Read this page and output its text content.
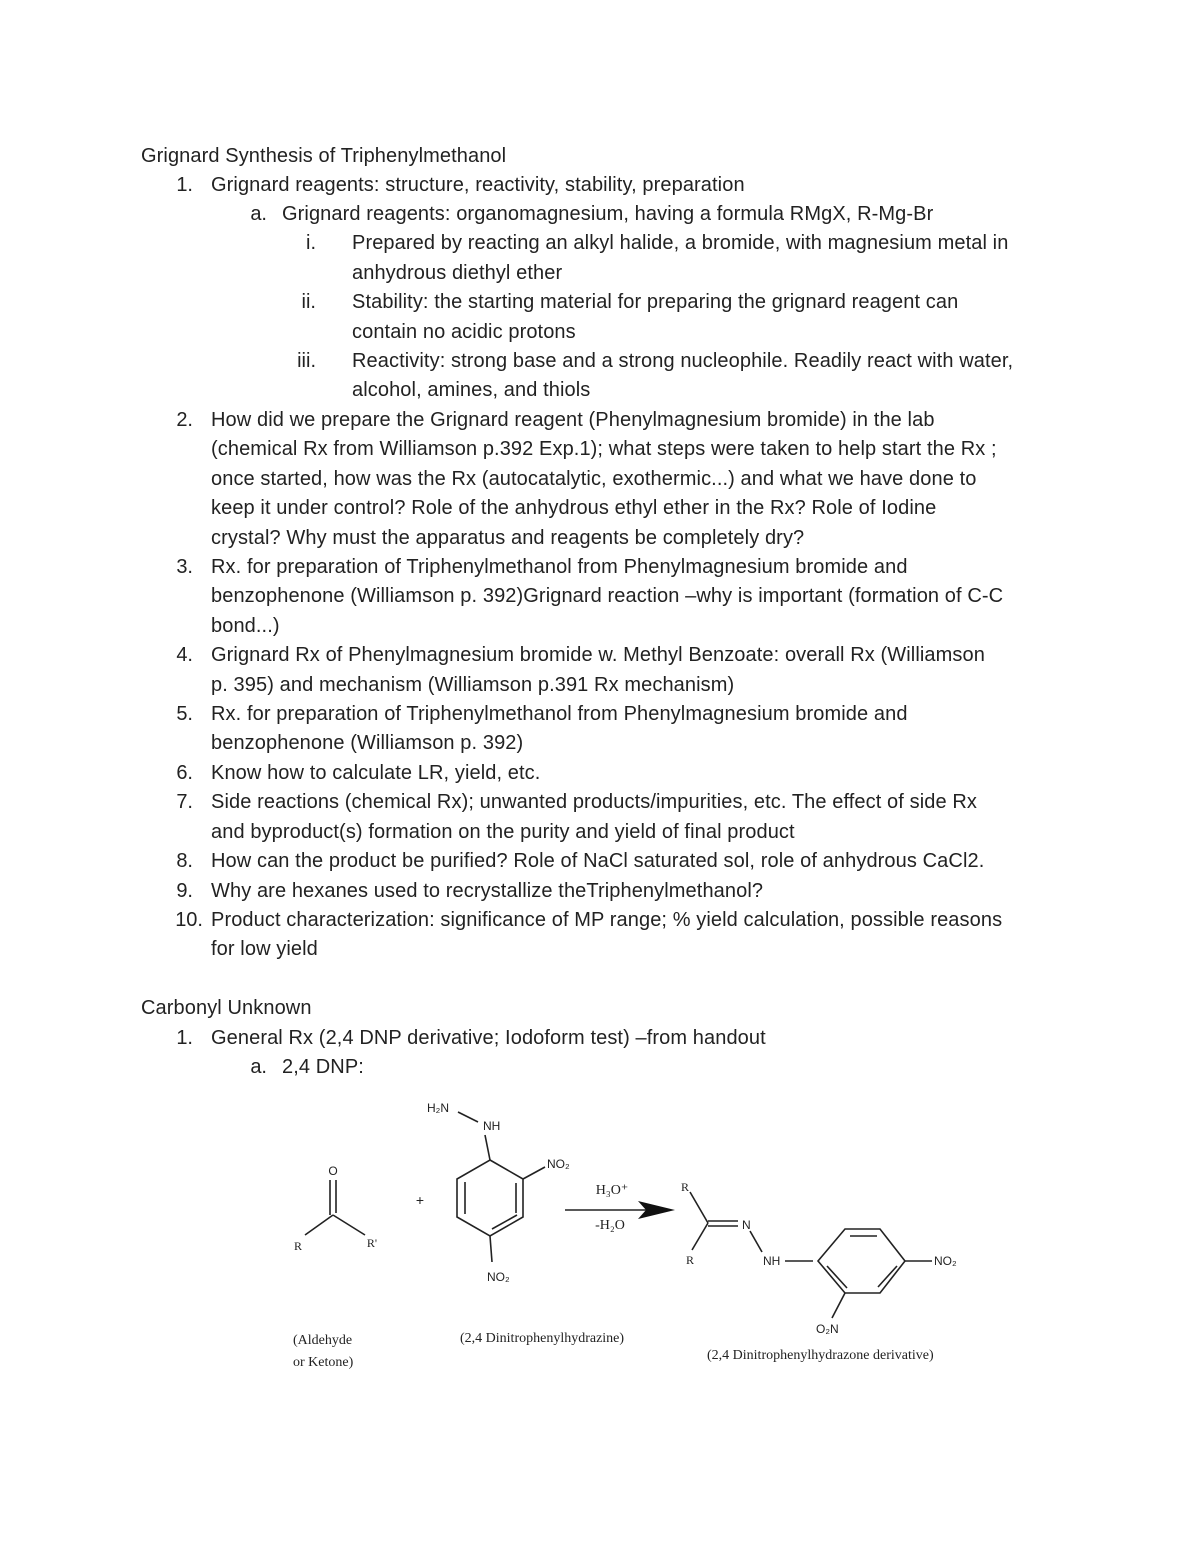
Grignard Synthesis of Triphenylmethanol
1. Grignard reagents: structure, reactivity, stability, preparation
a. Grignard reagents: organomagnesium, having a formula RMgX, R-Mg-Br
i. Prepared by reacting an alkyl halide, a bromide, with magnesium metal in
anhydrous diethyl ether
ii. Stability: the starting material for preparing the grignard reagent can
contain no acidic protons
iii. Reactivity: strong base and a strong nucleophile. Readily react with water,
alcohol, amines, and thiols
2. How did we prepare the Grignard reagent (Phenylmagnesium bromide) in the lab
(chemical Rx from Williamson p.392 Exp.1); what steps were taken to help start the Rx ;
once started, how was the Rx (autocatalytic, exothermic...) and what we have done to
keep it under control? Role of the anhydrous ethyl ether in the Rx? Role of Iodine
crystal? Why must the apparatus and reagents be completely dry?
3. Rx. for preparation of Triphenylmethanol from Phenylmagnesium bromide and
benzophenone (Williamson p. 392)Grignard reaction –why is important (formation of C-C
bond...)
4. Grignard Rx of Phenylmagnesium bromide w. Methyl Benzoate: overall Rx (Williamson
p. 395) and mechanism (Williamson p.391 Rx mechanism)
5. Rx. for preparation of Triphenylmethanol from Phenylmagnesium bromide and
benzophenone (Williamson p. 392)
6. Know how to calculate LR, yield, etc.
7. Side reactions (chemical Rx); unwanted products/impurities, etc. The effect of side Rx
and byproduct(s) formation on the purity and yield of final product
8. How can the product be purified? Role of NaCl saturated sol, role of anhydrous CaCl2.
9. Why are hexanes used to recrystallize theTriphenylmethanol?
10. Product characterization: significance of MP range; % yield calculation, possible reasons
for low yield
Carbonyl Unknown
1. General Rx (2,4 DNP derivative; Iodoform test) –from handout
a. 2,4 DNP:
O
R	R'
+
H₂N
NH
NO₂
NO₂
H₃O⁺
-H₂O
R
R
N
NH	NO₂
O₂N
(Aldehyde
or Ketone)
(2,4 Dinitrophenylhydrazine)
(2,4 Dinitrophenylhydrazone derivative)
